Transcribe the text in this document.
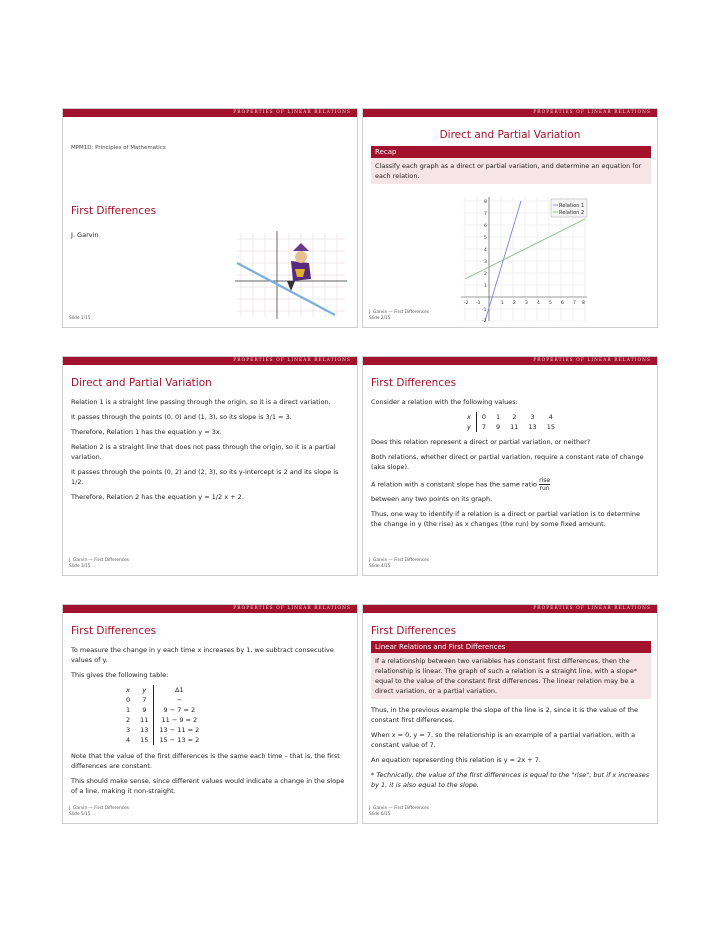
PROPERTIES OF LINEAR RELATIONS
MPM1D: Principles of Mathematics
First Differences
J. Garvin
Slide 1/15
PROPERTIES OF LINEAR RELATIONS
Direct and Partial Variation
Recap
Classify each graph as a direct or partial variation, and determine an equation for each relation.
-2 -1	1 2 3 4 5 6 7 8
8
7
6
5
4
3
2
1
-1
-2
Relation 1
Relation 2
J. Garvin — First Differences
Slide 2/15
PROPERTIES OF LINEAR RELATIONS
Direct and Partial Variation

Relation 1 is a straight line passing through the origin, so it is a direct variation.

It passes through the points (0, 0) and (1, 3), so its slope is 3/1 = 3.

Therefore, Relation 1 has the equation y = 3x.

Relation 2 is a straight line that does not pass through the origin, so it is a partial variation.

It passes through the points (0, 2) and (2, 3), so its y-intercept is 2 and its slope is 1/2.

Therefore, Relation 2 has the equation y = 1/2 x + 2.

J. Garvin — First Differences
Slide 3/15
PROPERTIES OF LINEAR RELATIONS
First Differences

Consider a relation with the following values:

x	0	1	2	3	4
y	7	9	11	13	15

Does this relation represent a direct or partial variation, or neither?

Both relations, whether direct or partial variation, require a constant rate of change (aka slope).

A relation with a constant slope has the same ratio $\frac{\text{rise}}{\text{run}}$

between any two points on its graph.

Thus, one way to identify if a relation is a direct or partial variation is to determine the change in y (the rise) as x changes (the run) by some fixed amount.

J. Garvin — First Differences
Slide 4/15
PROPERTIES OF LINEAR RELATIONS
First Differences

To measure the change in y each time x increases by 1, we subtract consecutive values of y.

This gives the following table:

x	y	Δ1
0	7	−
1	9	9 − 7 = 2
2	11	11 − 9 = 2
3	13	13 − 11 = 2
4	15	15 − 13 = 2

Note that the value of the first differences is the same each time – that is, the first differences are constant.

This should make sense, since different values would indicate a change in the slope of a line, making it non-straight.

J. Garvin — First Differences
Slide 5/15
PROPERTIES OF LINEAR RELATIONS
First Differences
Linear Relations and First Differences
If a relationship between two variables has constant first differences, then the relationship is linear. The graph of such a relation is a straight line, with a slope* equal to the value of the constant first differences. The linear relation may be a direct variation, or a partial variation.

Thus, in the previous example the slope of the line is 2, since it is the value of the constant first differences.

When x = 0, y = 7, so the relationship is an example of a partial variation, with a constant value of 7.

An equation representing this relation is y = 2x + 7.

* Technically, the value of the first differences is equal to the "rise", but if x increases by 1, it is also equal to the slope.

J. Garvin — First Differences
Slide 6/15
